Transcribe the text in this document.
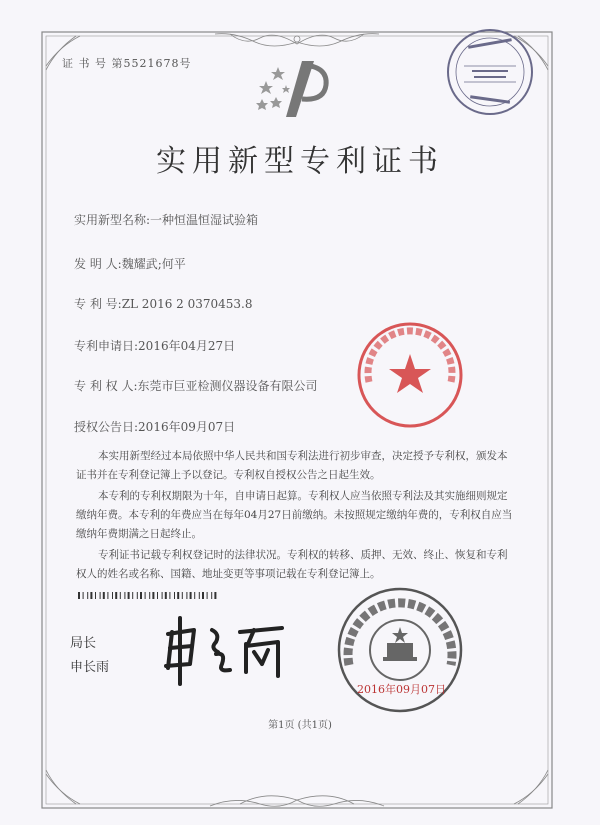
证 书 号 第5521678号
实用新型专利证书
实用新型名称:一种恒温恒湿试验箱
发 明 人:魏耀武;何平
专 利 号:ZL 2016 2 0370453.8
专利申请日:2016年04月27日
专 利 权 人:东莞市巨亚检测仪器设备有限公司
授权公告日:2016年09月07日

本实用新型经过本局依照中华人民共和国专利法进行初步审查，决定授予专利权，颁发本证书并在专利登记簿上予以登记。专利权自授权公告之日起生效。

本专利的专利权期限为十年，自申请日起算。专利权人应当依照专利法及其实施细则规定缴纳年费。本专利的年费应当在每年04月27日前缴纳。未按照规定缴纳年费的，专利权自应当缴纳年费期满之日起终止。

专利证书记载专利权登记时的法律状况。专利权的转移、质押、无效、终止、恢复和专利权人的姓名或名称、国籍、地址变更等事项记载在专利登记簿上。

局长
申长雨
2016年09月07日
第1页 (共1页)
